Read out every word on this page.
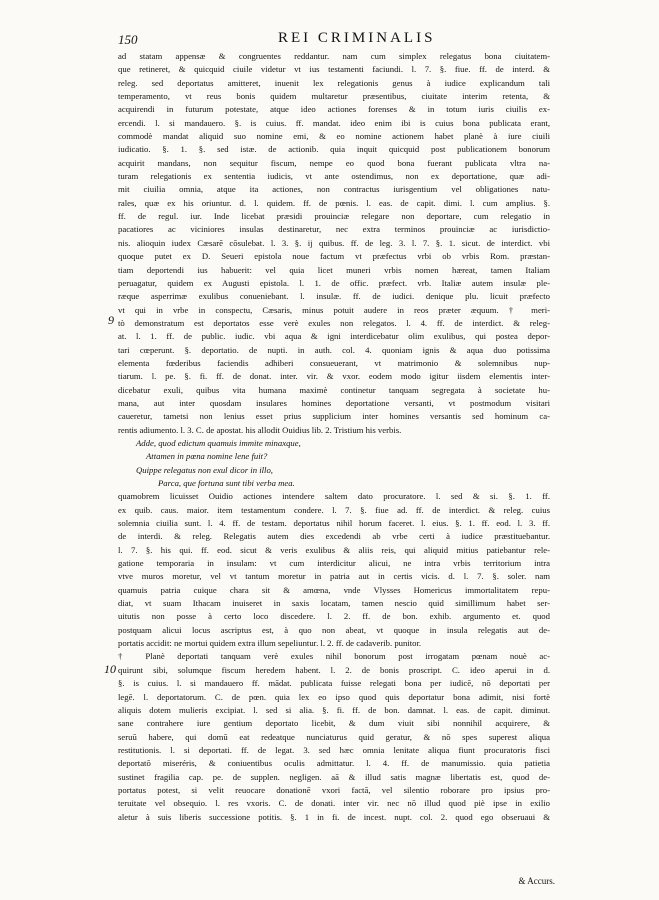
150	REI CRIMINALIS
9
10
ad statam appensæ & congruentes reddantur. nam cum simplex relegatus bona ciuitatem-
que retineret, & quicquid ciuile videtur vt ius testamenti faciundi. l. 7. §. fiue. ff. de interd. &
releg. sed deportatus amitteret, inuenit lex relegationis genus à iudice explicandum tali
temperamento, vt reus bonis quidem multaretur præsentibus, ciuitate interim retenta, &
acquirendi in futurum potestate, atque ideo actiones forenses & in totum iuris ciuilis ex-
ercendi. l. si mandauero. §. is cuius. ff. mandat. ideo enim ibi is cuius bona publicata erant,
commodè mandat aliquid suo nomine emi, & eo nomine actionem habet planè à iure ciuili
iudicatio. §. 1. §. sed istæ. de actionib. quia inquit quicquid post publicationem bonorum
acquirit mandans, non sequitur fiscum, nempe eo quod bona fuerant publicata vltra na-
turam relegationis ex sententia iudicis, vt ante ostendimus, non ex deportatione, quæ adi-
mit ciuilia omnia, atque ita actiones, non contractus iurisgentium vel obligationes natu-
rales, quæ ex his oriuntur. d. l. quidem. ff. de pœnis. l. eas. de capit. dimi. l. cum amplius. §.
ff. de regul. iur. Inde licebat præsidi prouinciæ relegare non deportare, cum relegatio in
pacatiores ac viciniores insulas destinaretur, nec extra terminos prouinciæ ac iurisdictio-
nis. alioquin iudex Cæsarē cōsulebat. l. 3. §. ij quibus. ff. de leg. 3. l. 7. §. 1. sicut. de interdict. vbi
quoque putet ex D. Seueri epistola noue factum vt præfectus vrbi ob vrbis Rom. præstan-
tiam deportendi ius habuerit: vel quia licet muneri vrbis nomen hæreat, tamen Italiam
peruagatur, quidem ex Augusti epistola. l. 1. de offic. præfect. vrb. Italiæ autem insulæ ple-
ræque asperrimæ exulibus conueniebant. l. insulæ. ff. de iudici. denique plu. licuit præfecto
vt qui in vrbe in conspectu, Cæsaris, minus potuit audere in reos præter æquum. † meri-
tò demonstratum est deportatos esse verè exules non relegatos. l. 4. ff. de interdict. & releg-
at. l. 1. ff. de public. iudic. vbi aqua & igni interdicebatur olim exulibus, qui postea depor-
tari cœperunt. §. deportatio. de nupti. in auth. col. 4. quoniam ignis & aqua duo potissima
elementa fœderibus faciendis adhiberi consueuerant, vt matrimonio & solemnibus nup-
tiarum. l. pe. §. fi. ff. de donat. inter. vir. & vxor. eodem modo igitur iisdem elementis inter-
dicebatur exuli, quibus vita humana maximè continetur tanquam segregata à societate hu-
mana, aut inter quosdam insulares homines deportatione versanti, vt postmodum visitari
caueretur, tametsi non lenius esset prius supplicium inter homines versantis sed hominum ca-
rentis adiumento. l. 3. C. de apostat. his allodit Ouidius lib. 2. Tristium his verbis.
Adde, quod edictum quamuis immite minaxque,
Attamen in pœna nomine lene fuit?
Quippe relegatus non exul dicor in illo,
Parca, que fortuna sunt tibi verba mea.
quamobrem licuisset Ouidio actiones intendere saltem dato procuratore. l. sed & si. §. 1. ff.
ex quib. caus. maior. item testamentum condere. l. 7. §. fiue ad. ff. de interdict. & releg. cuius
solemnia ciuilia sunt. l. 4. ff. de testam. deportatus nihil horum faceret. l. eius. §. 1. ff. eod. l. 3. ff.
de interdi. & releg. Relegatis autem dies excedendi ab vrbe certi à iudice præstituebantur.
l. 7. §. his qui. ff. eod. sicut & veris exulibus & aliis reis, qui aliquid mitius patiebantur rele-
gatione temporaria in insulam: vt cum interdicitur alicui, ne intra vrbis territorium intra
vtve muros moretur, vel vt tantum moretur in patria aut in certis vicis. d. l. 7. §. soler. nam
quamuis patria cuique chara sit & amœna, vnde Vlysses Homericus immortalitatem repu-
diat, vt suam Ithacam inuiseret in saxis locatam, tamen nescio quid simillimum habet ser-
uitutis non posse à certo loco discedere. l. 2. ff. de bon. exhib. argumento et. quod
postquam alicui locus ascriptus est, à quo non abeat, vt quoque in insula relegatis aut de-
portatis accidit: ne mortui quidem extra illum sepeliuntur. l. 2. ff. de cadaverib. punitor.
† Planè deportati tanquam verè exules nihil bonorum post irrogatam pœnam nouè ac-
quirunt sibi, solumque fiscum heredem habent. l. 2. de bonis proscript. C. ideo aperui in d.
§. is cuius. l. si mandauero ff. mādat. publicata fuisse relegati bona per iudicē, nō deportati per
legē. l. deportatorum. C. de pœn. quia lex eo ipso quod quis deportatur bona adimit, nisi fortè
aliquis dotem mulieris excipiat. l. sed si alia. §. fi. ff. de bon. damnat. l. eas. de capit. diminut.
sane contrahere iure gentium deportato licebit, & dum viuit sibi nonnihil acquirere, &
seruū habere, qui domū eat redeatque nunciaturus quid geratur, & nō spes superest aliqua
restitutionis. l. si deportati. ff. de legat. 3. sed hæc omnia lenitate aliqua fiunt procuratoris fisci
deportatō miseréris, & coniuentibus oculis admittatur. l. 4. ff. de manumissio. quia patietia
sustinet fragilia cap. pe. de supplen. negligen. aā & illud satis magnæ libertatis est, quod de-
portatus potest, si velit reuocare donationē vxori factā, vel silentio roborare pro ipsius pro-
teruitate vel obsequio. l. res vxoris. C. de donati. inter vir. nec nō illud quod piè ipse in exilio
aletur à suis liberis successione potitis. §. 1 in fi. de incest. nupt. col. 2. quod ego obseruaui &
& Accurs.
